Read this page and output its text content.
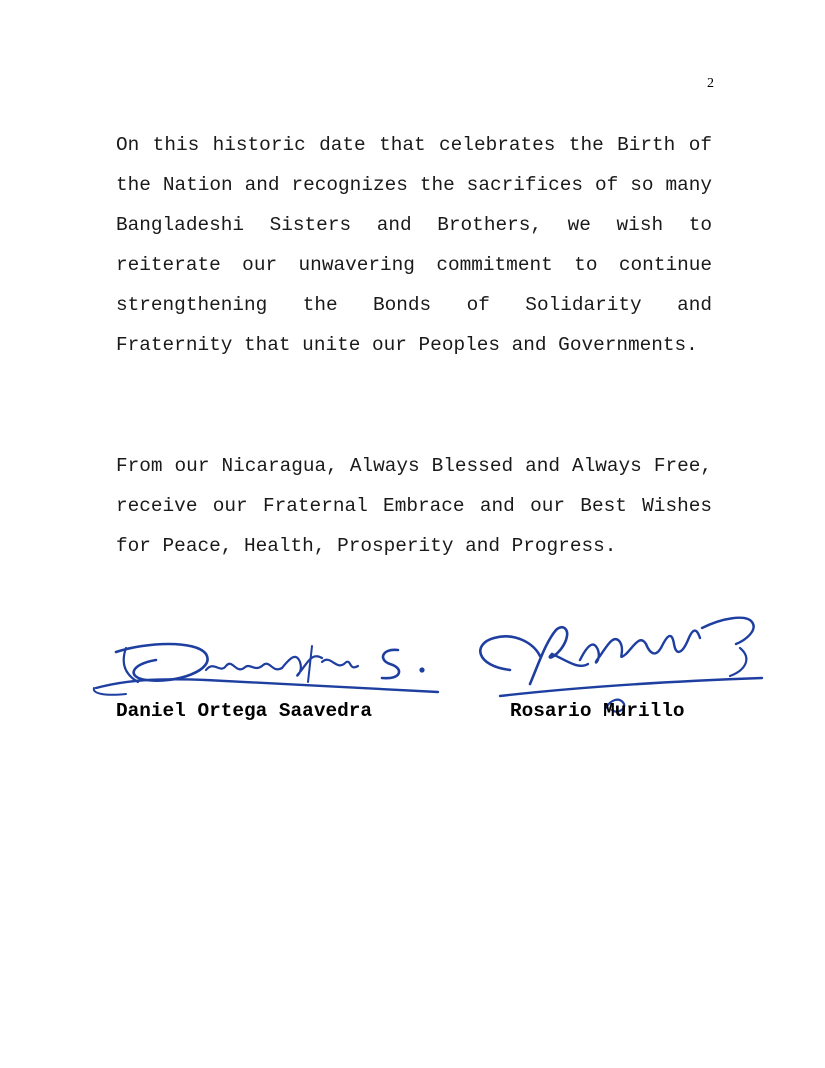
2

On this historic date that celebrates the Birth of the Nation and recognizes the sacrifices of so many Bangladeshi Sisters and Brothers, we wish to reiterate our unwavering commitment to continue strengthening the Bonds of Solidarity and Fraternity that unite our Peoples and Governments.

From our Nicaragua, Always Blessed and Always Free, receive our Fraternal Embrace and our Best Wishes for Peace, Health, Prosperity and Progress.

Daniel Ortega Saavedra	Rosario Murillo
